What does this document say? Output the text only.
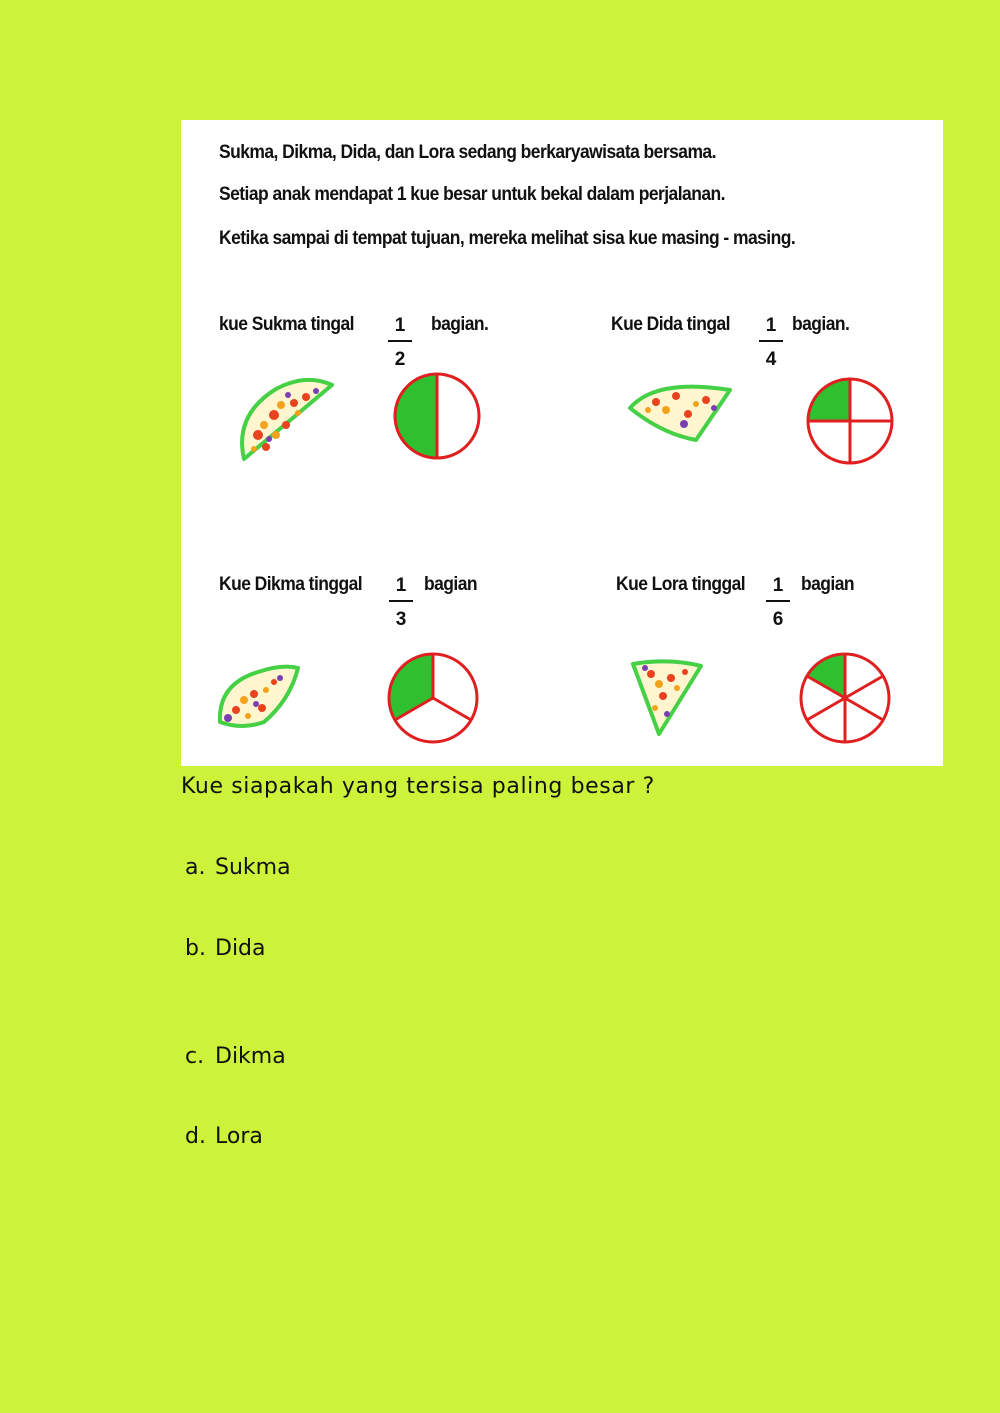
Sukma, Dikma, Dida, dan Lora sedang berkaryawisata bersama.

Setiap anak mendapat 1 kue besar untuk bekal dalam perjalanan.

Ketika sampai di tempat tujuan, mereka melihat sisa kue masing - masing.

kue Sukma tingal	1
2
bagian.	Kue Dida tingal	1
4
bagian.
Kue Dikma tinggal	1
3
bagian	Kue Lora tinggal	1
6
bagian

Kue siapakah yang tersisa paling besar ?

a. Sukma
b. Dida
c. Dikma
d. Lora
